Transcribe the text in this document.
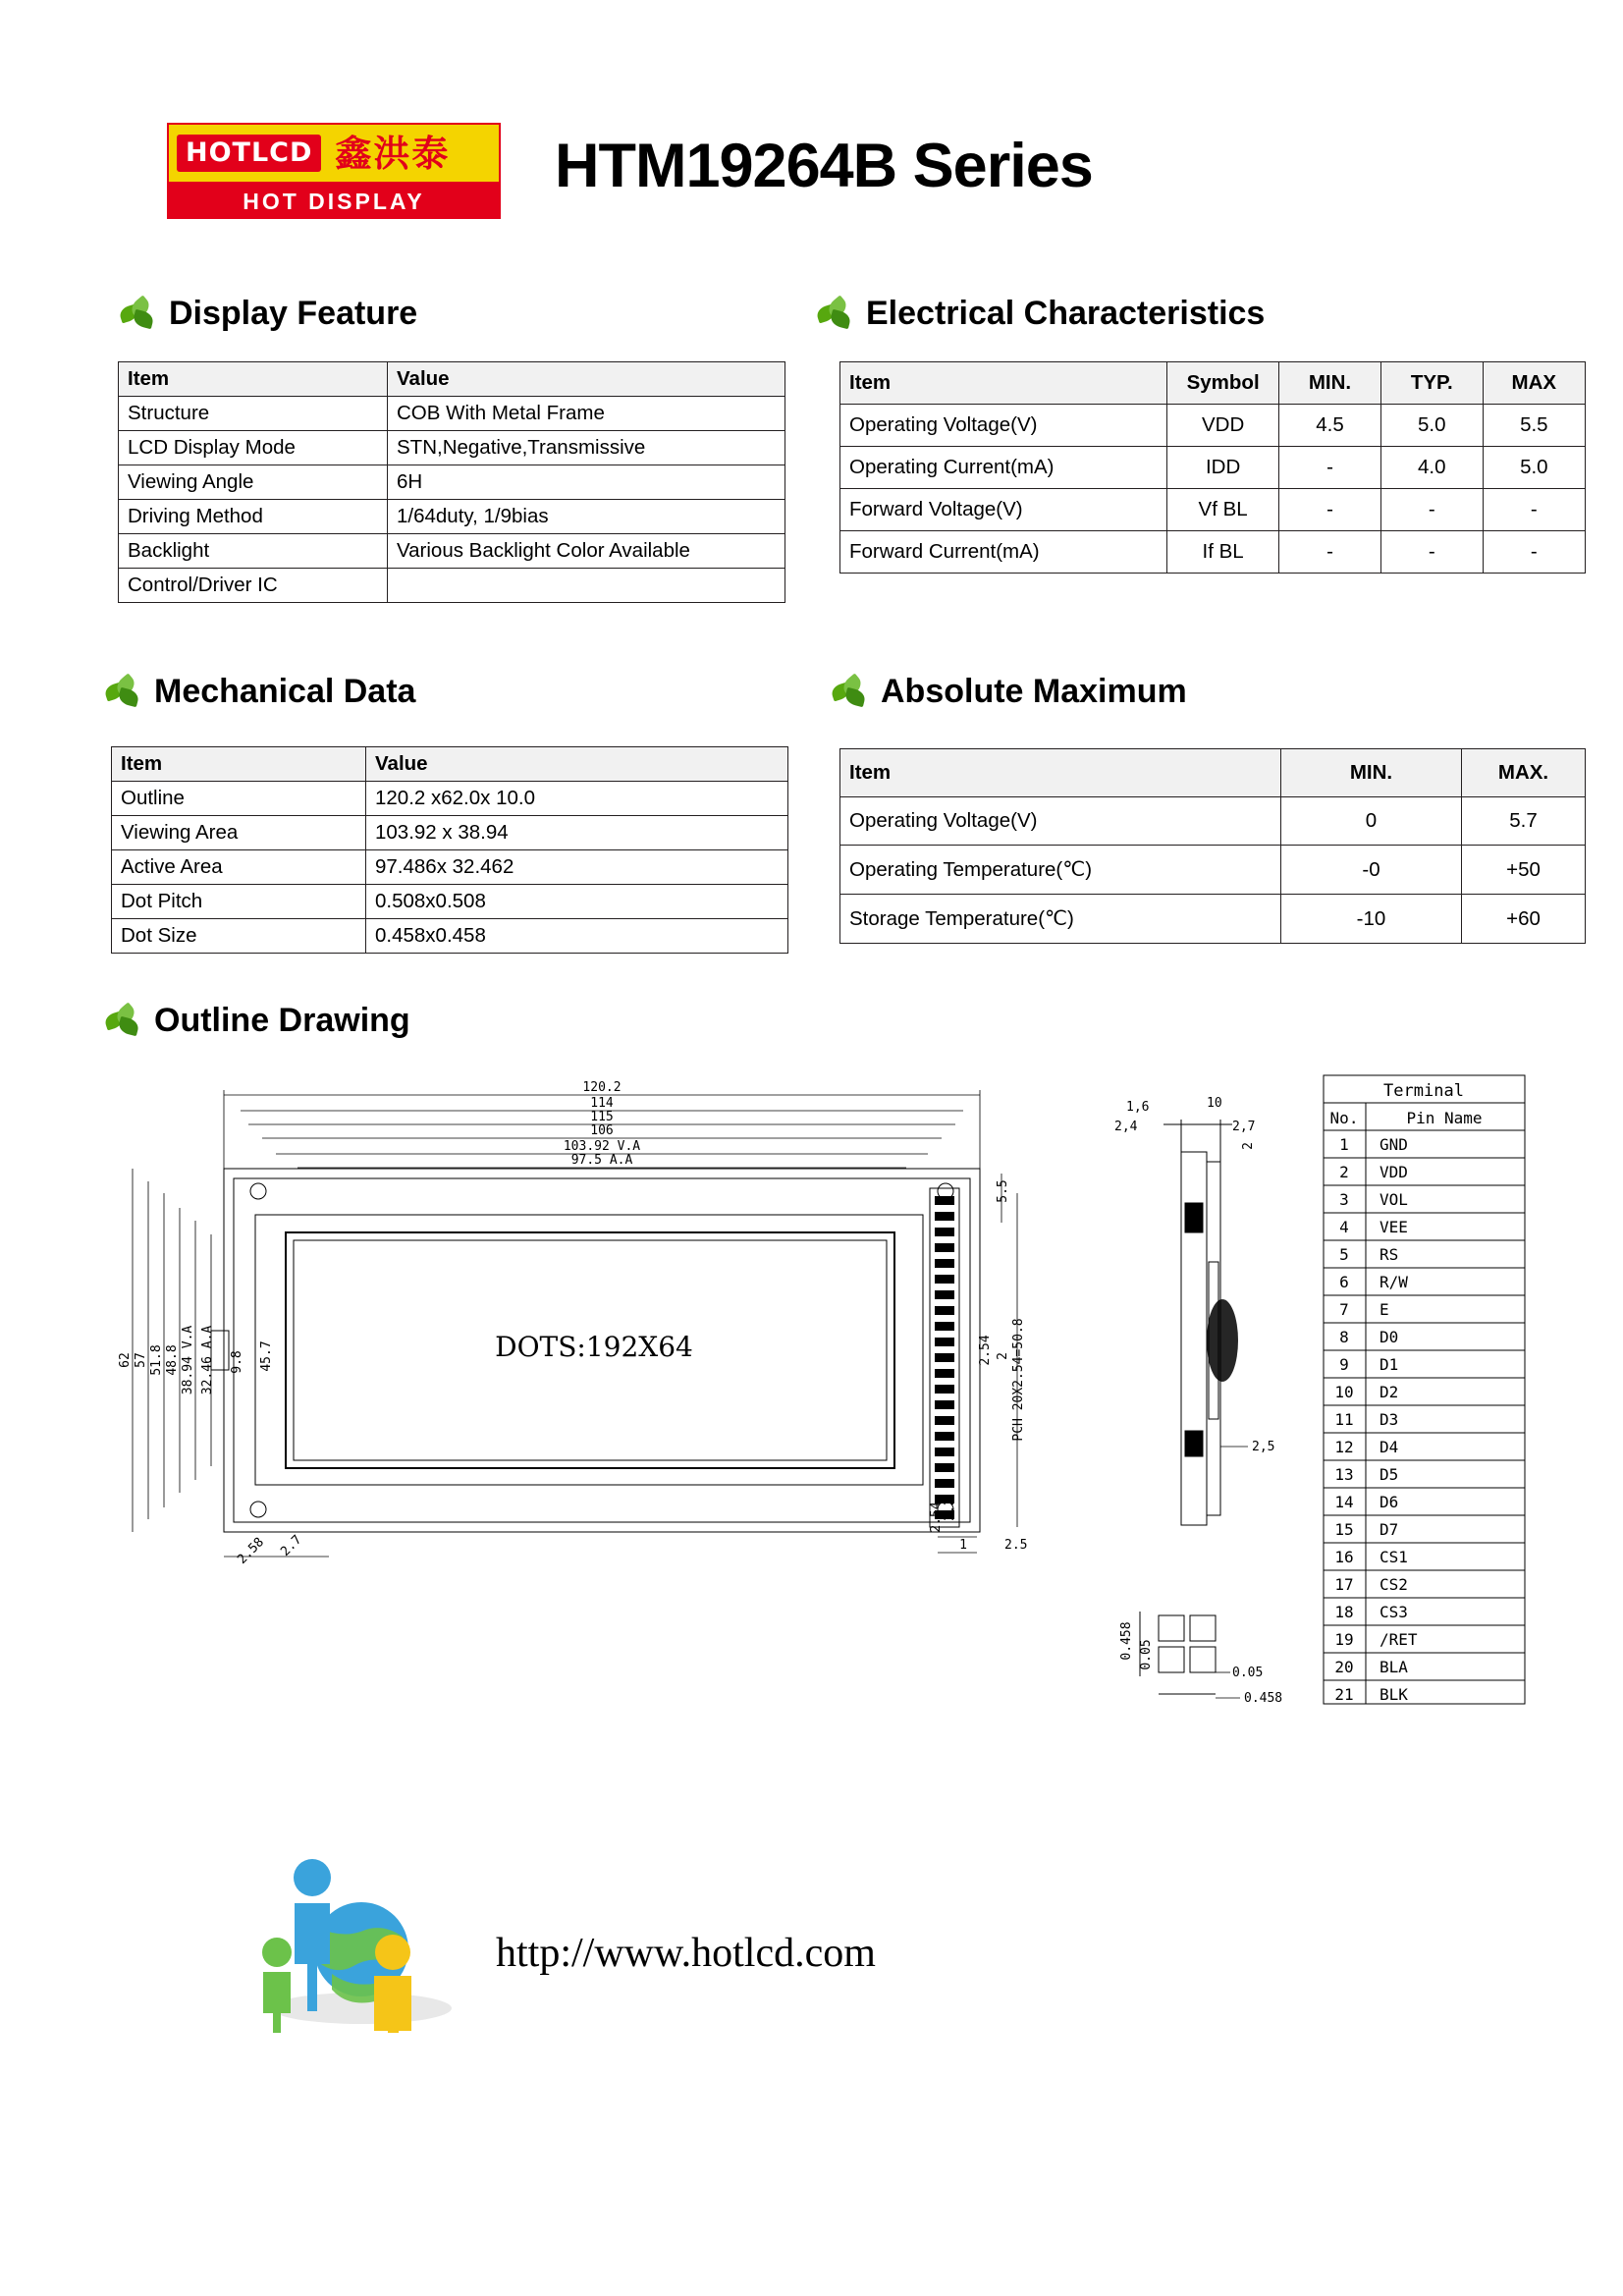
HOTLCD 鑫洪泰
HOT DISPLAY
HTM19264B Series
Display Feature
Item	Value
Structure	COB With Metal Frame
LCD Display Mode	STN,Negative,Transmissive
Viewing Angle	6H
Driving Method	1/64duty, 1/9bias
Backlight	Various Backlight Color Available
Control/Driver IC	
Electrical Characteristics
Item	Symbol	MIN.	TYP.	MAX
Operating Voltage(V)	VDD	4.5	5.0	5.5
Operating Current(mA)	IDD	-	4.0	5.0
Forward Voltage(V)	Vf BL	-	-	-
Forward Current(mA)	If BL	-	-	-
Mechanical Data
Item	Value
Outline	120.2 x62.0x 10.0
Viewing Area	103.92 x 38.94
Active Area	97.486x 32.462
Dot Pitch	0.508x0.508
Dot Size	0.458x0.458
Absolute Maximum
Item	MIN.	MAX.
Operating Voltage(V)	0	5.7
Operating Temperature(℃)	-0	+50
Storage Temperature(℃)	-10	+60
Outline Drawing
DOTS:192X64
120.2
114
115
106
103.92 V.A
97.5 A.A
62 57 51.8 48.8 38.94 V.A 32.46 A.A 9.8 45.7
5.5
2.54 2 PCH 20X2.54=50.8
2.58 2.7
2.2
2.54
1	2.5
1,6	10
2,4	2,7
2
2,5
0.458 0.05
0.05
0.458
Terminal
No.	Pin Name
1 GND
2 VDD
3 VOL
4 VEE
5 RS
6 R/W
7 E
8 D0
9 D1
10 D2
11 D3
12 D4
13 D5
14 D6
15 D7
16 CS1
17 CS2
18 CS3
19 /RET
20 BLA
21 BLK
http://www.hotlcd.com
